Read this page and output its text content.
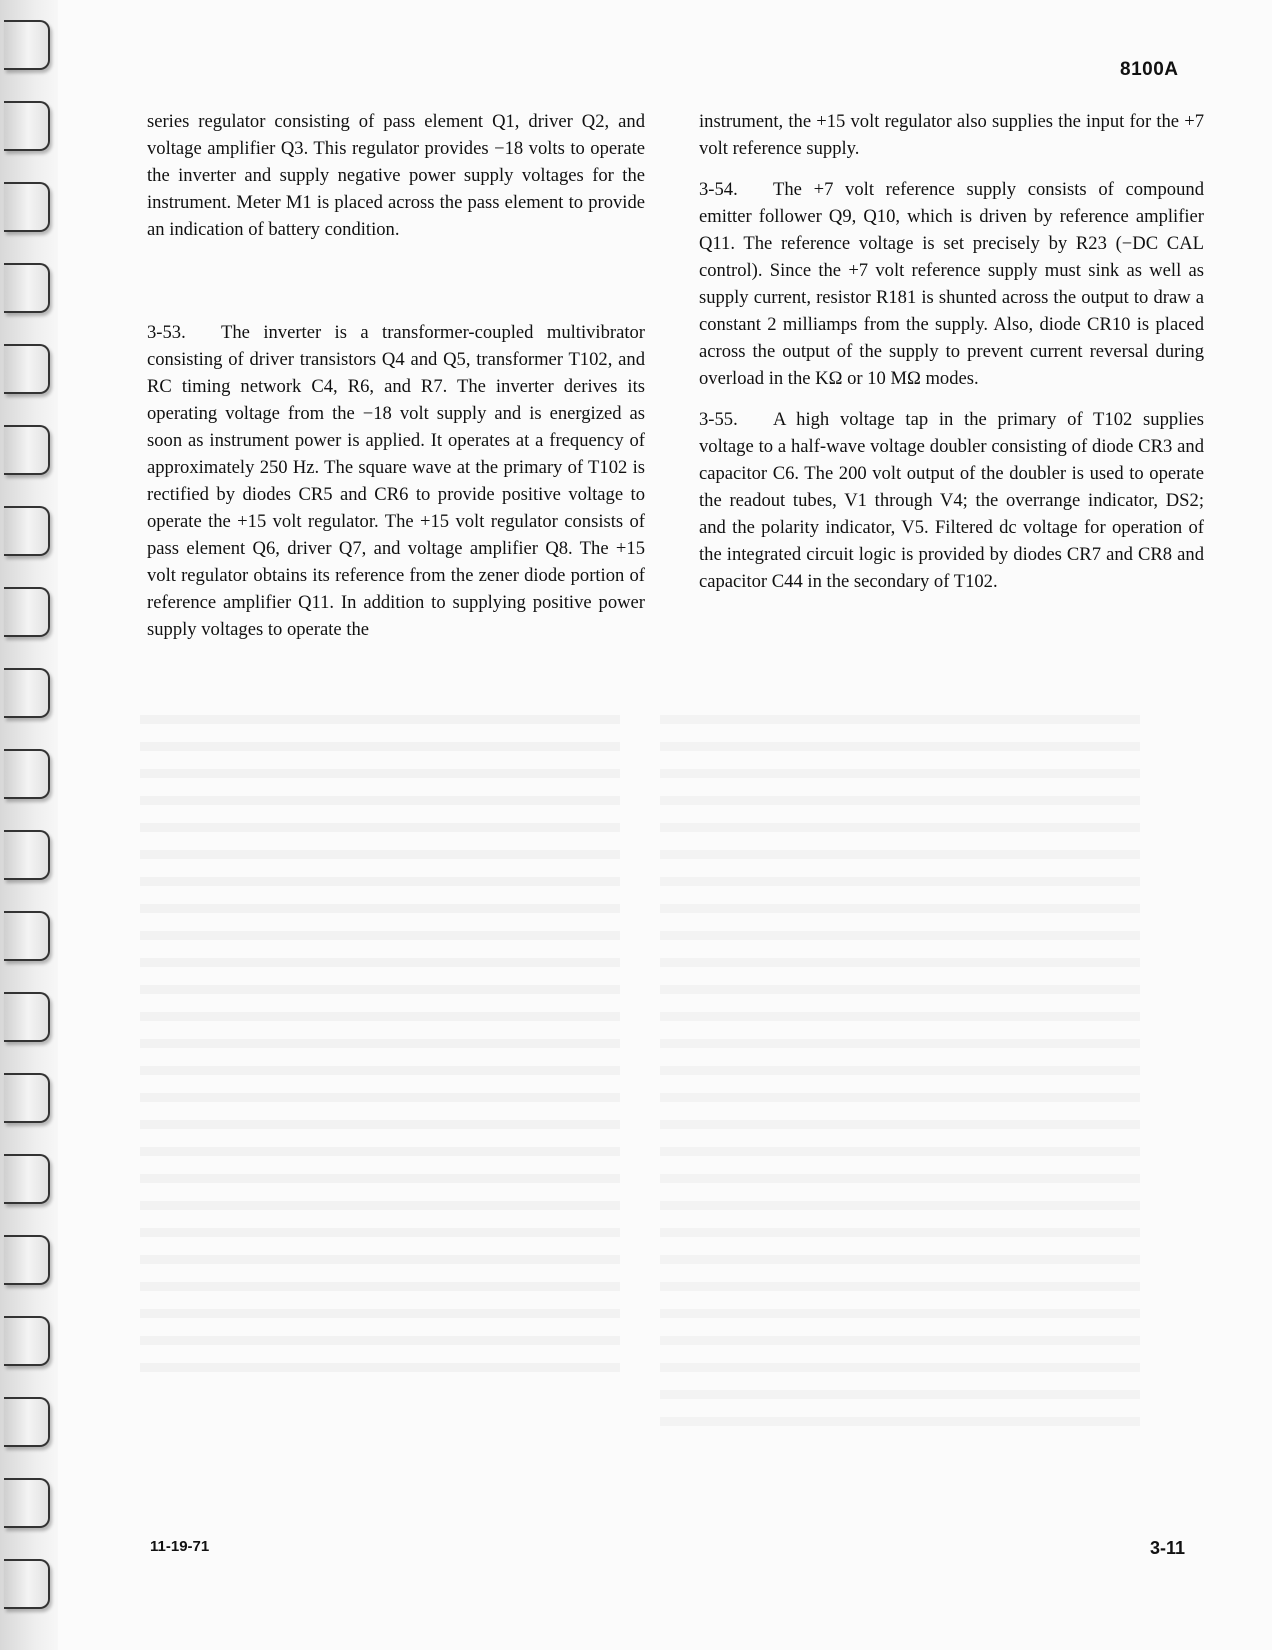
8100A

series regulator consisting of pass element Q1, driver Q2, and voltage amplifier Q3. This regulator provides −18 volts to operate the inverter and supply negative power supply voltages for the instrument. Meter M1 is placed across the pass element to provide an indication of battery condition.

3-53. The inverter is a transformer-coupled multivibrator consisting of driver transistors Q4 and Q5, transformer T102, and RC timing network C4, R6, and R7. The inverter derives its operating voltage from the −18 volt supply and is energized as soon as instrument power is applied. It operates at a frequency of approximately 250 Hz. The square wave at the primary of T102 is rectified by diodes CR5 and CR6 to provide positive voltage to operate the +15 volt regulator. The +15 volt regulator consists of pass element Q6, driver Q7, and voltage amplifier Q8. The +15 volt regulator obtains its reference from the zener diode portion of reference amplifier Q11. In addition to supplying positive power supply voltages to operate the

instrument, the +15 volt regulator also supplies the input for the +7 volt reference supply.

3-54. The +7 volt reference supply consists of compound emitter follower Q9, Q10, which is driven by reference amplifier Q11. The reference voltage is set precisely by R23 (−DC CAL control). Since the +7 volt reference supply must sink as well as supply current, resistor R181 is shunted across the output to draw a constant 2 milliamps from the supply. Also, diode CR10 is placed across the output of the supply to prevent current reversal during overload in the KΩ or 10 MΩ modes.

3-55. A high voltage tap in the primary of T102 supplies voltage to a half-wave voltage doubler consisting of diode CR3 and capacitor C6. The 200 volt output of the doubler is used to operate the readout tubes, V1 through V4; the overrange indicator, DS2; and the polarity indicator, V5. Filtered dc voltage for operation of the integrated circuit logic is provided by diodes CR7 and CR8 and capacitor C44 in the secondary of T102.

11-19-71	3-11
